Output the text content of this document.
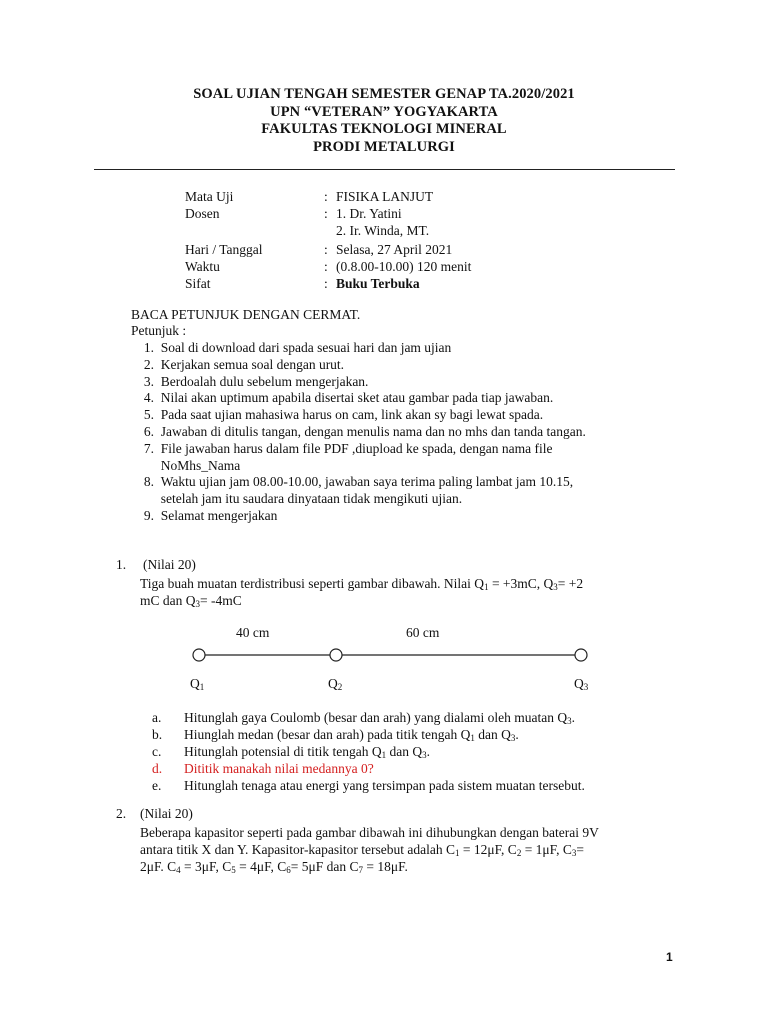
SOAL UJIAN TENGAH SEMESTER GENAP TA.2020/2021
UPN “VETERAN” YOGYAKARTA
FAKULTAS TEKNOLOGI MINERAL
PRODI METALURGI
Mata Uji	: FISIKA LANJUT
Dosen	: 1. Dr. Yatini
2. Ir. Winda, MT.
Hari / Tanggal	: Selasa, 27 April 2021
Waktu	: (0.8.00-10.00) 120 menit
Sifat	: Buku Terbuka
BACA PETUNJUK DENGAN CERMAT.
Petunjuk :
1.
Soal di download dari spada sesuai hari dan jam ujian
2.
Kerjakan semua soal dengan urut.
3.
Berdoalah dulu sebelum mengerjakan.
4.
Nilai akan uptimum apabila disertai sket atau gambar pada tiap jawaban.
5.
Pada saat ujian mahasiwa harus on cam, link akan sy bagi lewat spada.
6.
Jawaban di ditulis tangan, dengan menulis nama dan no mhs dan tanda tangan.
7.
File jawaban harus dalam file PDF ,diupload ke spada, dengan nama file

NoMhs_Nama
8.
Waktu ujian jam 08.00-10.00, jawaban saya terima paling lambat jam 10.15,

setelah jam itu saudara dinyataan tidak mengikuti ujian.
9.
Selamat mengerjakan
1. (Nilai 20)
Tiga buah muatan terdistribusi seperti gambar dibawah. Nilai $Q_1 = +3mC$, $Q_3= +2$
mC dan $Q_3= -4mC$
40 cm	60 cm
$Q_1$	$Q_2$	$Q_3$
a.	Hitunglah gaya Coulomb (besar dan arah) yang dialami oleh muatan $Q_3$.
b.	Hiunglah medan (besar dan arah) pada titik tengah $Q_1$ dan $Q_3$.
c.	Hitunglah potensial di titik tengah $Q_1$ dan $Q_3$.
d.	Dititik manakah nilai medannya 0?
e.	Hitunglah tenaga atau energi yang tersimpan pada sistem muatan tersebut.
2. (Nilai 20)
Beberapa kapasitor seperti pada gambar dibawah ini dihubungkan dengan baterai 9V
antara titik X dan Y. Kapasitor-kapasitor tersebut adalah $C_1 = 12\mu F$, $C_2 = 1\mu F$, $C_3=$
2μF. $C_4 = 3\mu F$, $C_5 = 4\mu F$, $C_6= 5\mu F$ dan $C_7 = 18\mu F$.
1
